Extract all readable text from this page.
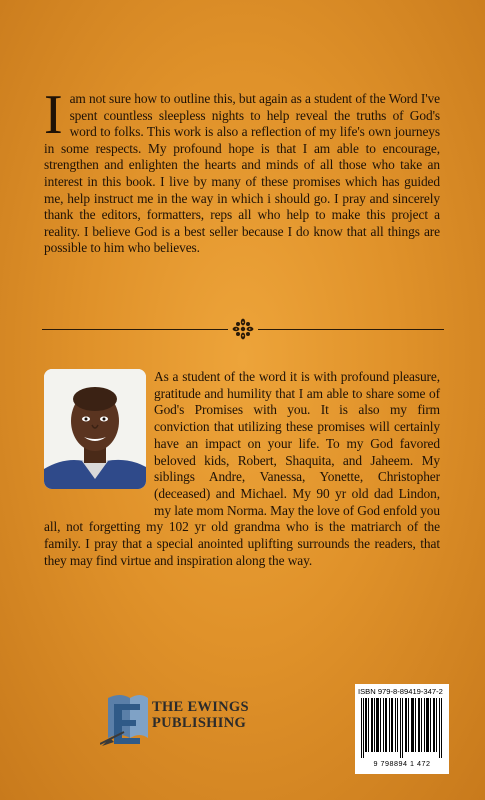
I am not sure how to outline this, but again as a student of the Word I've spent countless sleepless nights to help reveal the truths of God's word to folks. This work is also a reflection of my life's own journeys in some respects. My profound hope is that I am able to encourage, strengthen and enlighten the hearts and minds of all those who take an interest in this book. I live by many of these promises which has guided me, help instruct me in the way in which i should go. I pray and sincerely thank the editors, formatters, reps all who help to make this project a reality. I believe God is a best seller because I do know that all things are possible to him who believes.
As a student of the word it is with profound pleasure, gratitude and humility that I am able to share some of God's Promises with you. It is also my firm conviction that utilizing these promises will certainly have an impact on your life. To my God favored beloved kids, Robert, Shaquita, and Jaheem. My siblings Andre, Vanessa, Yonette, Christopher (deceased) and Michael. My 90 yr old dad Lindon, my late mom Norma. May the love of God enfold you all, not forgetting my 102 yr old grandma who is the matriarch of the family. I pray that a special anointed uplifting surrounds the readers, that they may find virtue and inspiration along the way.
THE EWINGS
PUBLISHING
ISBN 979-8-89419-347-2
9 798894 1 472
